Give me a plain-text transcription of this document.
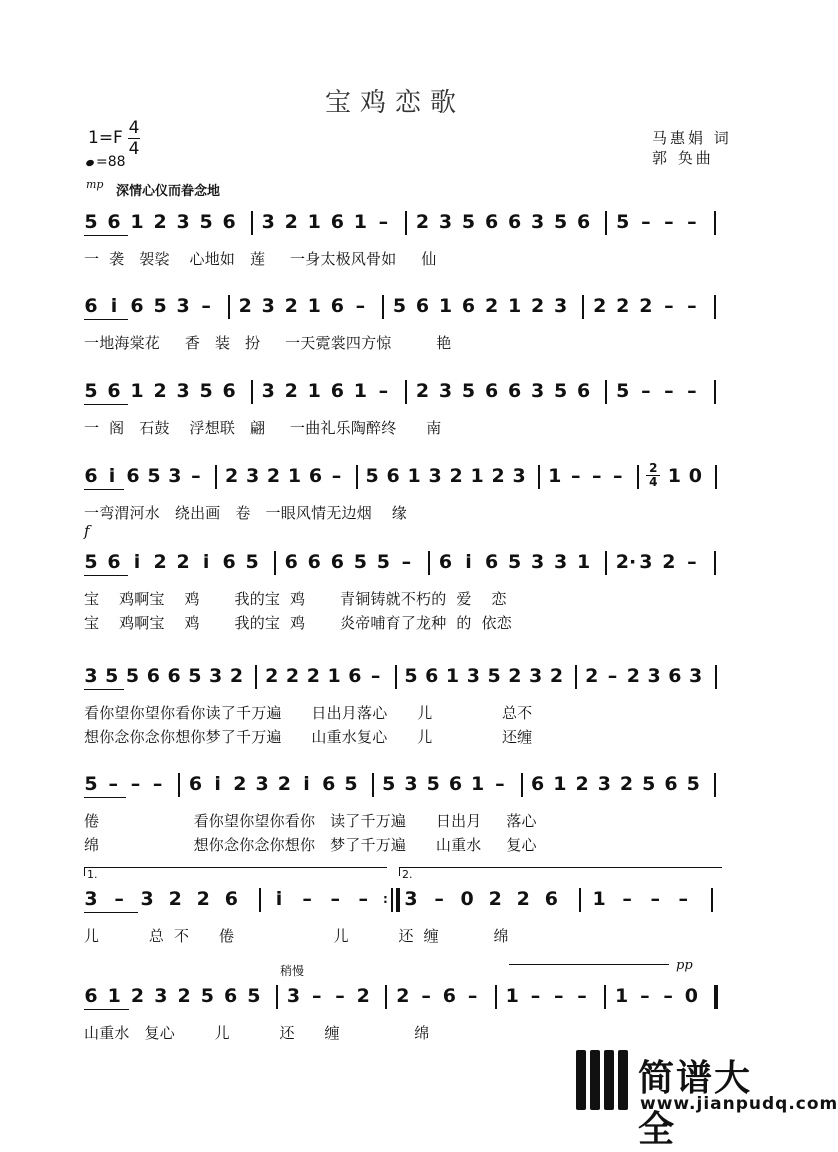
宝鸡恋歌
1=F 4
4
=88
马惠娟 词
郭 奂曲
mp 深情心仪而眷念地
5 6 1 2 3 5 6 3 2 1 6 1 – 2 3 5 6 6 3 5 6 5 – – –
一  袭   袈裟    心地如   莲     一身太极风骨如     仙
6 i 6 5 3 – 2 3 2 1 6 – 5 6 1 6 2 1 2 3 2 2 2 – –
一地海棠花     香   装   扮     一天霓裳四方惊         艳
5 6 1 2 3 5 6 3 2 1 6 1 – 2 3 5 6 6 3 5 6 5 – – –
一  阁   石鼓    浮想联   翩     一曲礼乐陶醉终      南
6 i 6 5 3 – 2 3 2 1 6 – 5 6 1 3 2 1 2 3 1 – – – 2
4 1 0
一弯渭河水   绕出画   卷   一眼风情无边烟    缘
5 6 i 2 2 i 6 5 6 6 6 5 5 – 6 i 6 5 3 3 1 2· 3 2 –
宝    鸡啊宝    鸡       我的宝  鸡       青铜铸就不朽的  爱    恋
宝    鸡啊宝    鸡       我的宝  鸡       炎帝哺育了龙种  的  依恋
f
3 5 5 6 6 5 3 2 2 2 2 1 6 – 5 6 1 3 5 2 3 2 2 – 2 3 6 3
看你望你望你看你读了千万遍      日出月落心      儿              总不
想你念你念你想你梦了千万遍      山重水复心      儿              还缠
5 – – – 6 i 2 3 2 i 6 5 5 3 5 6 1 – 6 1 2 3 2 5 6 5
倦                   看你望你望你看你   读了千万遍      日出月     落心
绵                   想你念你念你想你   梦了千万遍      山重水     复心
3 – 3 2 2 6 i – – –	: 3 – 0 2 2 6 1 – – –
儿          总  不      倦                    儿          还  缠           绵
1.	2.
6 1 2 3 2 5 6 5 3 – – 2 2 – 6 – 1 – – – 1 – – 0
山重水   复心        儿          还      缠               绵
稍慢	pp
简谱大全
www.jianpudq.com
